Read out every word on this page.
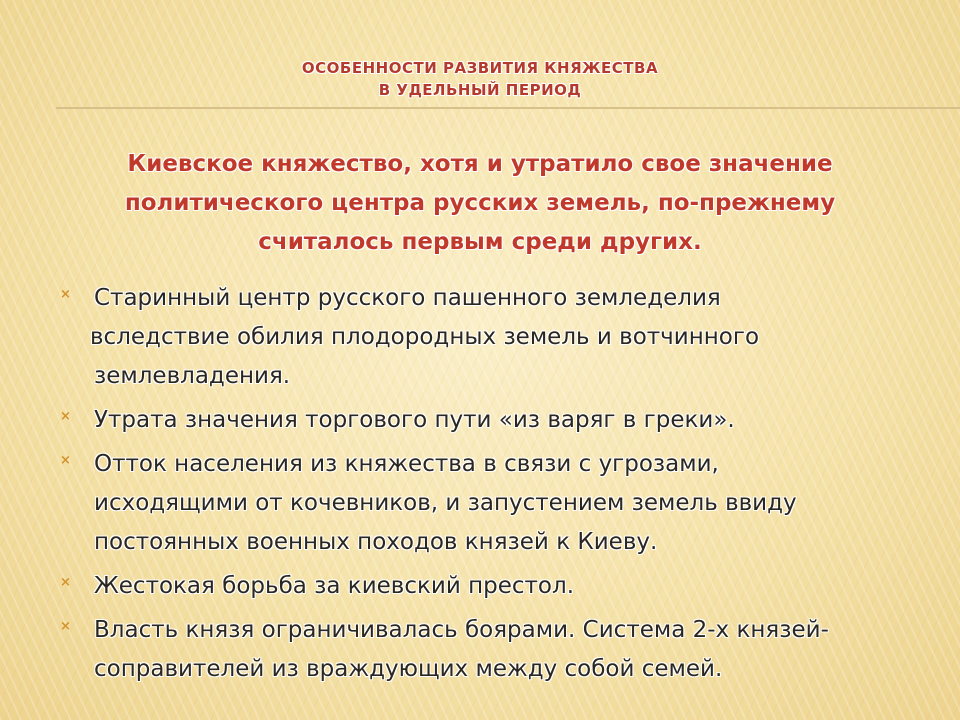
ОСОБЕННОСТИ РАЗВИТИЯ КНЯЖЕСТВА
В УДЕЛЬНЫЙ ПЕРИОД
Киевское княжество, хотя и утратило свое значение
политического центра русских земель, по-прежнему
считалось первым среди других.
× Старинный центр русского пашенного земледелия
вследствие обилия плодородных земель и вотчинного
землевладения.
× Утрата значения торгового пути «из варяг в греки».
× Отток населения из княжества в связи с угрозами,
исходящими от кочевников, и запустением земель ввиду
постоянных военных походов князей к Киеву.
× Жестокая борьба за киевский престол.
× Власть князя ограничивалась боярами. Система 2-х князей-
соправителей из враждующих между собой семей.
